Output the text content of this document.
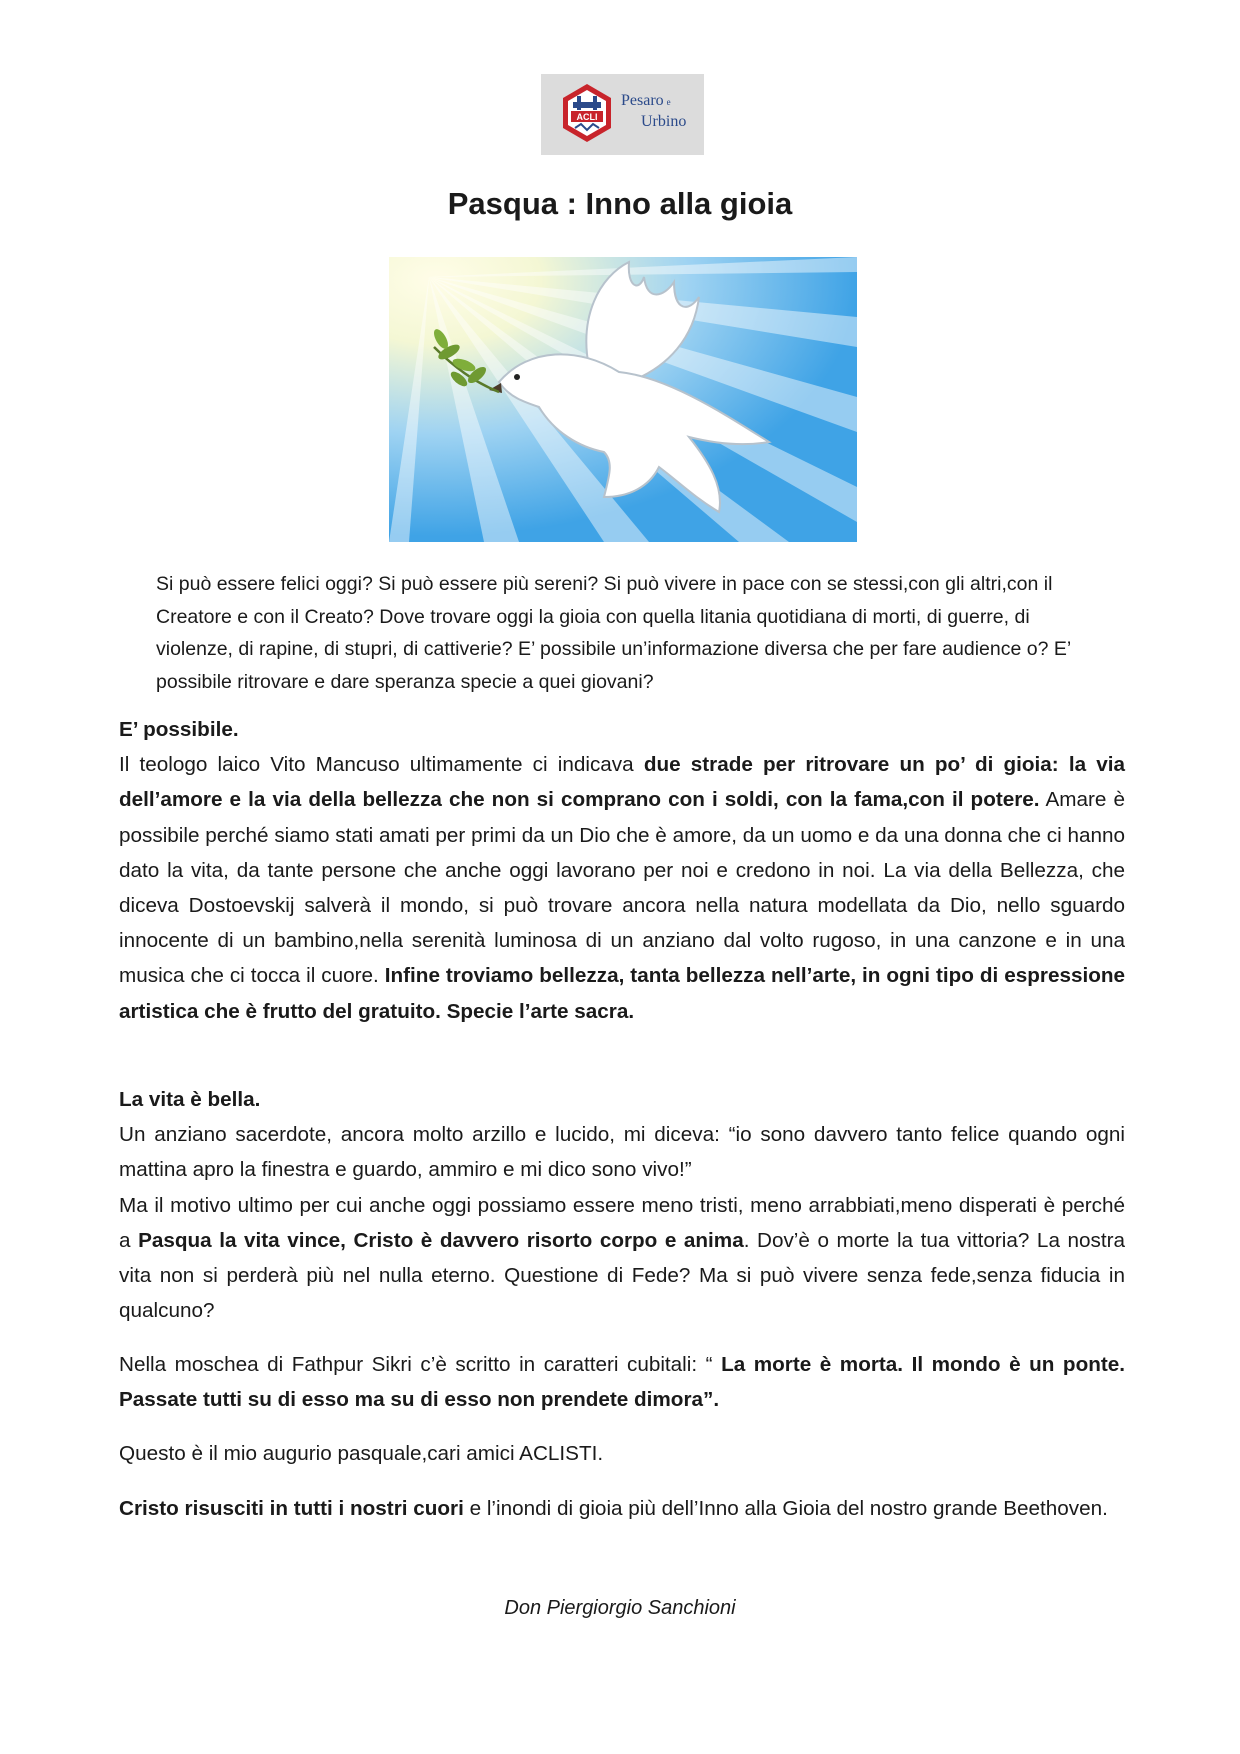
ACLI
Pesaro e
Urbino
Pasqua : Inno alla gioia

Si può essere felici oggi? Si può essere più sereni? Si può vivere in pace con se stessi,con gli altri,con il Creatore e con il Creato? Dove trovare oggi la gioia con quella litania quotidiana di morti, di guerre, di violenze, di rapine, di stupri, di cattiverie? E’ possibile un’informazione diversa che per fare audience o? E’ possibile ritrovare e dare speranza specie a quei giovani?

E’ possibile.

Il teologo laico Vito Mancuso ultimamente ci indicava due strade per ritrovare un po’ di gioia: la via dell’amore e la via della bellezza che non si comprano con i soldi, con la fama,con il potere. Amare è possibile perché siamo stati amati per primi da un Dio che è amore, da un uomo e da una donna che ci hanno dato la vita, da tante persone che anche oggi lavorano per noi e credono in noi. La via della Bellezza, che diceva Dostoevskij salverà il mondo, si può trovare ancora nella natura modellata da Dio, nello sguardo innocente di un bambino,nella serenità luminosa di un anziano dal volto rugoso, in una canzone e in una musica che ci tocca il cuore. Infine troviamo bellezza, tanta bellezza nell’arte, in ogni tipo di espressione artistica che è frutto del gratuito. Specie l’arte sacra.

La vita è bella.

Un anziano sacerdote, ancora molto arzillo e lucido, mi diceva: “io sono davvero tanto felice quando ogni mattina apro la finestra e guardo, ammiro e mi dico sono vivo!”

Ma il motivo ultimo per cui anche oggi possiamo essere meno tristi, meno arrabbiati,meno disperati è perché a Pasqua la vita vince, Cristo è davvero risorto corpo e anima. Dov’è o morte la tua vittoria? La nostra vita non si perderà più nel nulla eterno. Questione di Fede? Ma si può vivere senza fede,senza fiducia in qualcuno?

Nella moschea di Fathpur Sikri c’è scritto in caratteri cubitali: “ La morte è morta. Il mondo è un ponte. Passate tutti su di esso ma su di esso non prendete dimora”.

Questo è il mio augurio pasquale,cari amici ACLISTI.

Cristo risusciti in tutti i nostri cuori e l’inondi di gioia più dell’Inno alla Gioia del nostro grande Beethoven.

Don Piergiorgio Sanchioni
